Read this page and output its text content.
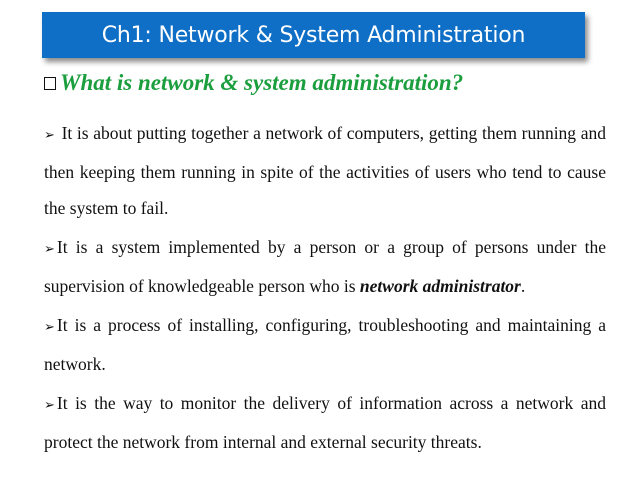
Ch1: Network & System Administration
What is network & system administration?

➢ It is about putting together a network of computers, getting them running and then keeping them running in spite of the activities of users who tend to cause the system to fail.

➢ It is a system implemented by a person or a group of persons under the supervision of knowledgeable person who is network administrator.

➢ It is a process of installing, configuring, troubleshooting and maintaining a network.

➢ It is the way to monitor the delivery of information across a network and protect the network from internal and external security threats.
